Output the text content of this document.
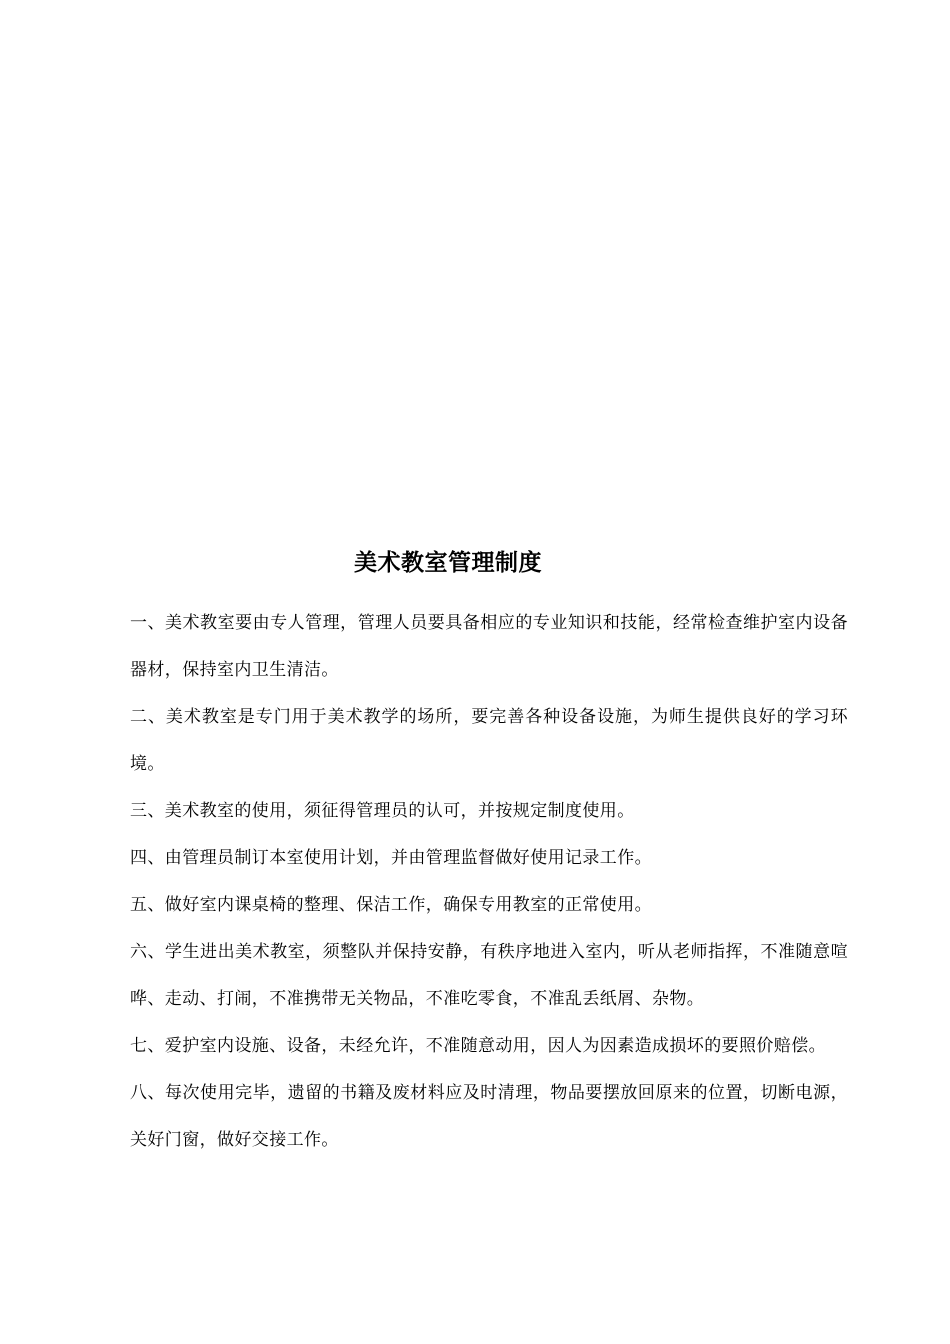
美术教室管理制度

一、美术教室要由专人管理，管理人员要具备相应的专业知识和技能，经常检查维护室内设备器材，保持室内卫生清洁。

二、美术教室是专门用于美术教学的场所，要完善各种设备设施，为师生提供良好的学习环境。

三、美术教室的使用，须征得管理员的认可，并按规定制度使用。

四、由管理员制订本室使用计划，并由管理监督做好使用记录工作。

五、做好室内课桌椅的整理、保洁工作，确保专用教室的正常使用。

六、学生进出美术教室，须整队并保持安静，有秩序地进入室内，听从老师指挥，不准随意喧哗、走动、打闹，不准携带无关物品，不准吃零食，不准乱丢纸屑、杂物。

七、爱护室内设施、设备，未经允许，不准随意动用，因人为因素造成损坏的要照价赔偿。

八、每次使用完毕，遗留的书籍及废材料应及时清理，物品要摆放回原来的位置，切断电源，关好门窗，做好交接工作。
